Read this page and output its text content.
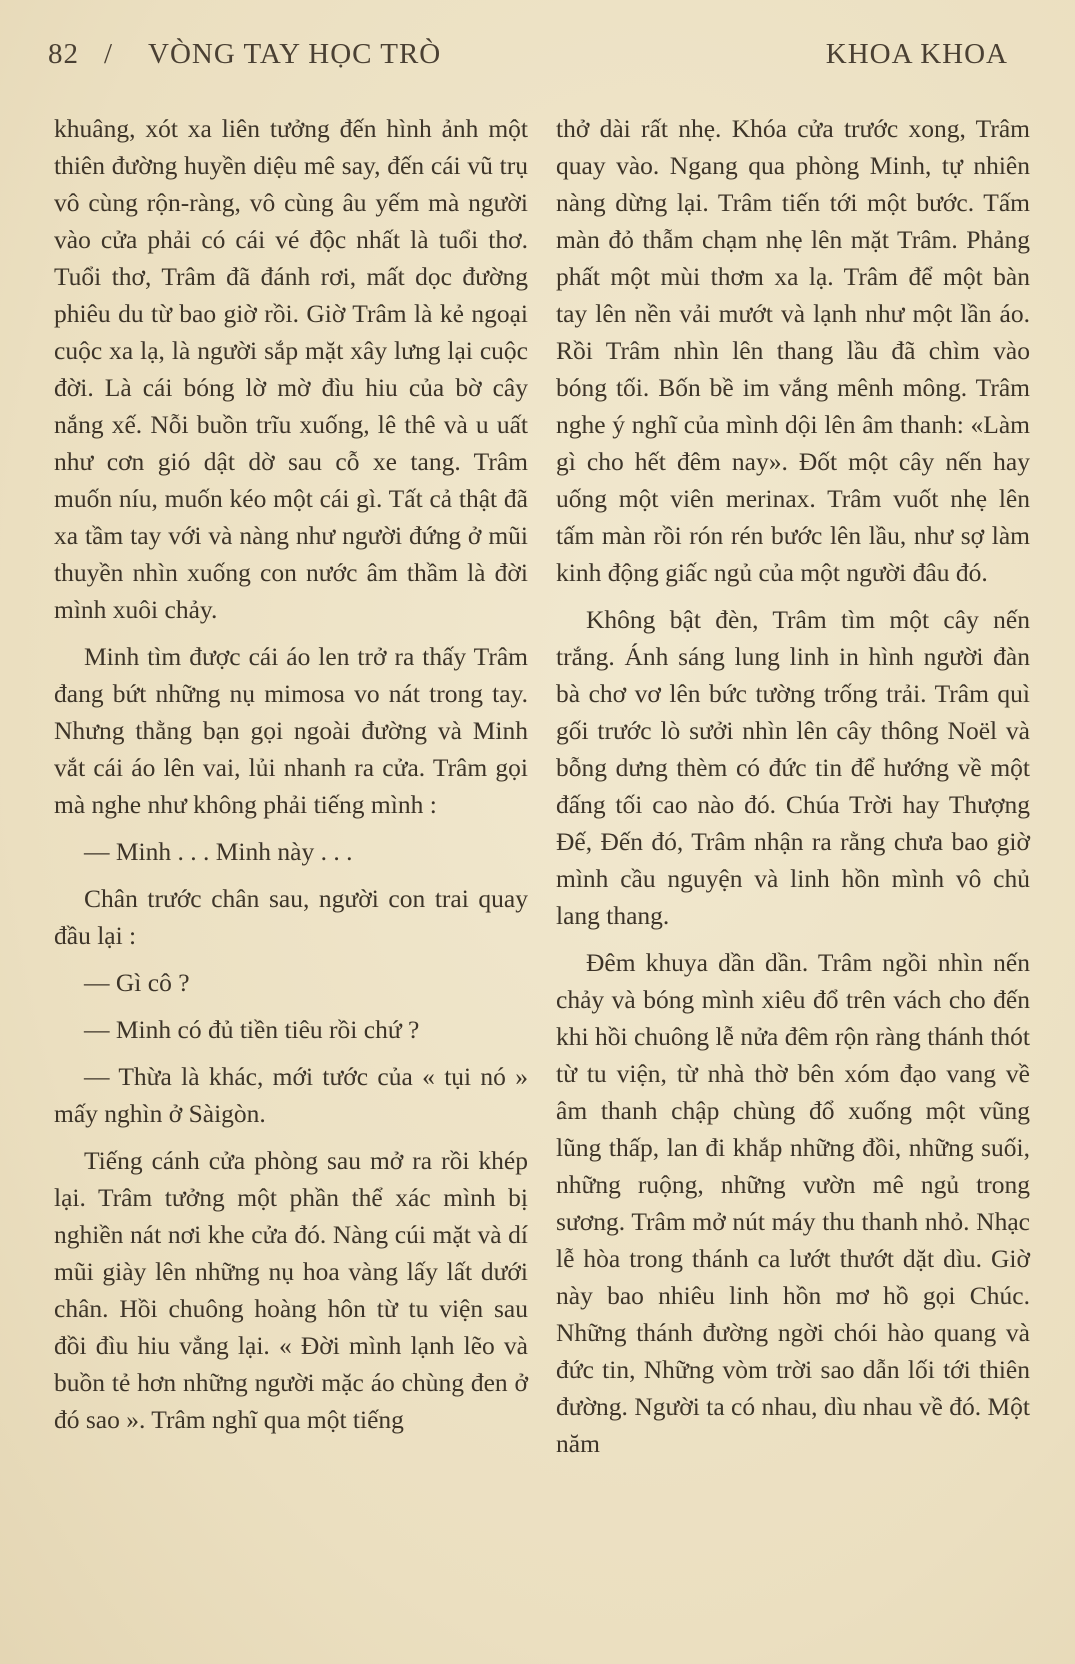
82 / VÒNG TAY HỌC TRÒ	KHOA KHOA

khuâng, xót xa liên tưởng đến hình ảnh một thiên đường huyền diệu mê say, đến cái vũ trụ vô cùng rộn-ràng, vô cùng âu yếm mà người vào cửa phải có cái vé độc nhất là tuổi thơ. Tuổi thơ, Trâm đã đánh rơi, mất dọc đường phiêu du từ bao giờ rồi. Giờ Trâm là kẻ ngoại cuộc xa lạ, là người sắp mặt xây lưng lại cuộc đời. Là cái bóng lờ mờ đìu hiu của bờ cây nắng xế. Nỗi buồn trĩu xuống, lê thê và u uất như cơn gió dật dờ sau cỗ xe tang. Trâm muốn níu, muốn kéo một cái gì. Tất cả thật đã xa tầm tay với và nàng như người đứng ở mũi thuyền nhìn xuống con nước âm thầm là đời mình xuôi chảy.

Minh tìm được cái áo len trở ra thấy Trâm đang bứt những nụ mimosa vo nát trong tay. Nhưng thằng bạn gọi ngoài đường và Minh vắt cái áo lên vai, lủi nhanh ra cửa. Trâm gọi mà nghe như không phải tiếng mình :

— Minh . . . Minh này . . .

Chân trước chân sau, người con trai quay đầu lại :

— Gì cô ?

— Minh có đủ tiền tiêu rồi chứ ?

— Thừa là khác, mới tước của « tụi nó » mấy nghìn ở Sàigòn.

Tiếng cánh cửa phòng sau mở ra rồi khép lại. Trâm tưởng một phần thể xác mình bị nghiền nát nơi khe cửa đó. Nàng cúi mặt và dí mũi giày lên những nụ hoa vàng lấy lất dưới chân. Hồi chuông hoàng hôn từ tu viện sau đồi đìu hiu vẳng lại. « Đời mình lạnh lẽo và buồn tẻ hơn những người mặc áo chùng đen ở đó sao ». Trâm nghĩ qua một tiếng

thở dài rất nhẹ. Khóa cửa trước xong, Trâm quay vào. Ngang qua phòng Minh, tự nhiên nàng dừng lại. Trâm tiến tới một bước. Tấm màn đỏ thẫm chạm nhẹ lên mặt Trâm. Phảng phất một mùi thơm xa lạ. Trâm để một bàn tay lên nền vải mướt và lạnh như một lần áo. Rồi Trâm nhìn lên thang lầu đã chìm vào bóng tối. Bốn bề im vắng mênh mông. Trâm nghe ý nghĩ của mình dội lên âm thanh: «Làm gì cho hết đêm nay». Đốt một cây nến hay uống một viên merinax. Trâm vuốt nhẹ lên tấm màn rồi rón rén bước lên lầu, như sợ làm kinh động giấc ngủ của một người đâu đó.

Không bật đèn, Trâm tìm một cây nến trắng. Ánh sáng lung linh in hình người đàn bà chơ vơ lên bức tường trống trải. Trâm quì gối trước lò sưởi nhìn lên cây thông Noël và bỗng dưng thèm có đức tin để hướng về một đấng tối cao nào đó. Chúa Trời hay Thượng Đế, Đến đó, Trâm nhận ra rằng chưa bao giờ mình cầu nguyện và linh hồn mình vô chủ lang thang.

Đêm khuya dần dần. Trâm ngồi nhìn nến chảy và bóng mình xiêu đổ trên vách cho đến khi hồi chuông lễ nửa đêm rộn ràng thánh thót từ tu viện, từ nhà thờ bên xóm đạo vang về âm thanh chập chùng đổ xuống một vũng lũng thấp, lan đi khắp những đồi, những suối, những ruộng, những vườn mê ngủ trong sương. Trâm mở nút máy thu thanh nhỏ. Nhạc lễ hòa trong thánh ca lướt thướt dặt dìu. Giờ này bao nhiêu linh hồn mơ hồ gọi Chúc. Những thánh đường ngời chói hào quang và đức tin, Những vòm trời sao dẫn lối tới thiên đường. Người ta có nhau, dìu nhau về đó. Một năm
